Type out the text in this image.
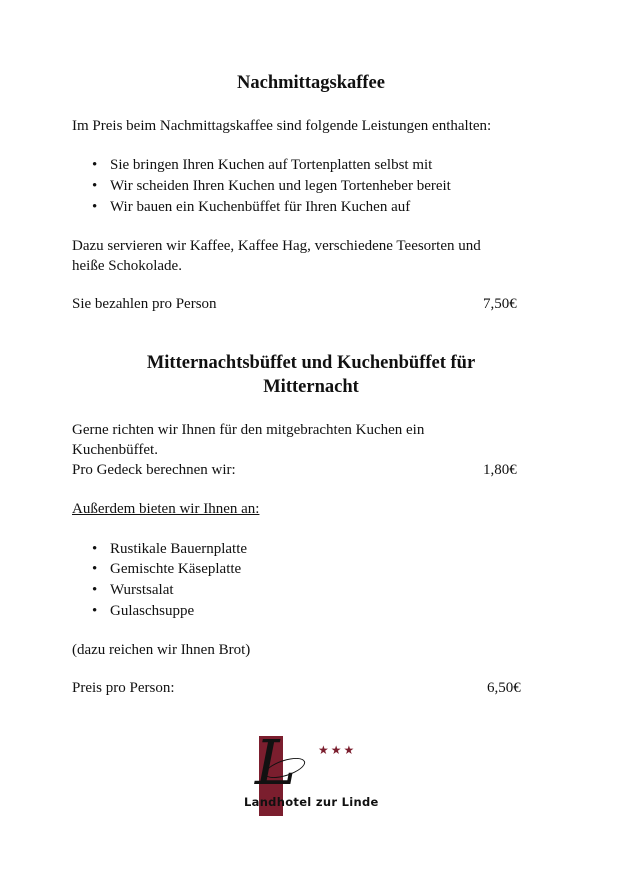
Nachmittagskaffee
Im Preis beim Nachmittagskaffee sind folgende Leistungen enthalten:
• Sie bringen Ihren Kuchen auf Tortenplatten selbst mit
• Wir scheiden Ihren Kuchen und legen Tortenheber bereit
• Wir bauen ein Kuchenbüffet für Ihren Kuchen auf
Dazu servieren wir Kaffee, Kaffee Hag, verschiedene Teesorten und
heiße Schokolade.
Sie bezahlen pro Person	7,50€
Mitternachtsbüffet und Kuchenbüffet für
Mitternacht
Gerne richten wir Ihnen für den mitgebrachten Kuchen ein
Kuchenbüffet.
Pro Gedeck berechnen wir:	1,80€
Außerdem bieten wir Ihnen an:
• Rustikale Bauernplatte
• Gemischte Käseplatte
• Wurstsalat
• Gulaschsuppe
(dazu reichen wir Ihnen Brot)
Preis pro Person:	6,50€
L ★★★
Landhotel zur Linde
